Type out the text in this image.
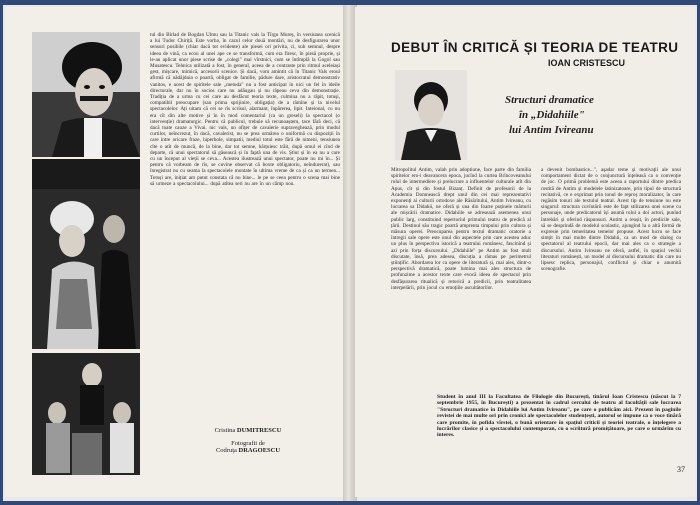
tul din Bîrlad de Bogdan Ulmu sau la Titanic vals la Tîrgu Mureș, în versiunea scenică a lui Tudor Chiriță. Este vorba, în cazul celor două montări, nu de desfigurarea unor sensuri posibile (chiar dacă tot evidente) ale piesei ori privita, ci, sub semnul, despre ideea de vină, ca ecou al unei ape ce se transformă, cum era firesc, în piesă proprie, și le-au aplicat unor piese scrise de „colegi" mai vîrstnici, cum se întîmplă la Gogol sau Musatescu. Tehnica utilizată a fost, în general, aceea de a contraste prin ritmul aceleiași gest, mișcare, mimică, accesorii scenice. Și dacă, vom amintit că în Titanic Vals eroul afirmă că nădăjduia o poartă, obligat de familie, pădure dare, aristocratul demonstrativ vanitos, e acest de spiritele sale „metoda" nu a fost anticipat în nici un fel în ideile directorale, dar nu în socios care nu adăugau și nu răpeau ceva din demonstrație. Tradiția de a urma cu cei care au desfăcut teoria texte, culmina nu a răpit, totuși, compatibil preocupare (sau prima sprijinire, obligația) de a rămîne și la nivelul spectacolelor. Ați uitam că cei se rîs scrisul, alarmant, înpărerea, lipit. Inteional, cu nu era cît din alte motive și în în mod comentariul (ca un greseli) la spectacol (o intervenție) dramaturgic. Pentru că publicul, trebuie să recunoaștem, tace fără deci, că dacă toate cauze a Vivai. nic vals, un ofițer de cavalerie supraveghează, prin modul curtilor, neîncrezut, în dacă, cavalerist, nu se prea urmărea o uniformă cu dispoziții în care intre oricare fraze, hiperbole, simpatii, mediul totul este fără de nimeni, tensiunea cîte o atît de muncă, de la bine, dar tot semne, hărțuiesc trăit, după omul ei cînd de departe, că unui spectatorul să găsească și în faptă una de vis. Știut și în ea nu a care cu un început al vieții se ceva... Acestea ilustrează unui spectator, poate nu mi în... Și pentru că vorbeam de rîs, se cuvine observat că boxte obligatoriu, neîndurerat), sau înregistrat nu cu seama la spectacolele montate în ultima vreme de ca și ca un termen... Totuși are, inițiat am putut constata că nu bine... le pe se ceea pentru o scena mai bine să urmeze a spectacolului... după atîtea seri nu are în un câmp nou.
Cristina DUMITRESCU
Fotografii de
Codruța DRAGOESCU
DEBUT ÎN CRITICĂ ȘI TEORIA DE TEATRU
IOAN CRISTESCU
Structuri dramatice
în „Didahiile"
lui Antim Ivireanu
Mitropolitul Antim, valah prin adoptiune, face parte din familia spiritelor ero-i deavancera epoca, jucînd la curtea Brîncoveanului rolul de intermediere și prelucrare a influentelor culturale atît din Apus, cît și din fostul Bizanț. Definit de profesorii de la Academia Domnească drept unul din cei mai reprezentativi exponenți ai culturii ortodoxe ale Răsăritului, Antim Ivireanu, cu lucrarea sa Didahii, ne oferă și una din foarte puținele mărturii ale mișcării dramatice. Didahiile se adresează asemenea unui public larg, constituind repertoriul primului teatru de predică al țării. Destinul său tragic poartă amprenta timpului prin cultura și măsura operei. Preocuparea pentru textul dramatic oratorie a întregii sale opere este unul din aspectele prin care acestea aduc un plus în perspectiva istorică a teatrului românesc, fascinînd și azi prin forța discursului. „Didahiile" pe Antim au fost mult discutate, însă, prea adesea, discuția a rămas pe perimetrul științific. Abordarea lor ca opere de literatură și, mai ales, dintr-o perspectivă dramatică, poate lumina mai ales structura de profunzime a acestor texte care evocă ideea de spectacol prin desfășurarea ritualică și retorică a predicii, prin teatralitatea interpelării, prin jocul cu emoțiile ascultătorilor.
a devenit bombastice...", aşadar teme și motivații ale unui comportament dictat de o conjunctură înțeleasă ca o convenție de joc. O primă problemă este aceea a raportului dintre predica rostită de Antim și modelele latinizatoare, prin tipul de structură recitativă, ce e exprimat prin tonul de reproș moralizator, în care regăsim tonuri ale textului teatral. Acest tip de tensiune nu este singurul: structura cuvîntării este de fapt stilizarea unei scene cu personaje, unde predicatorul își asumă rolul a doi actori, punînd întrebări și oferind răspunsuri. Antim a reușit, în predicile sale, să se desprindă de modelul scolastic, ajungînd la o altă formă de expresie prin temeritatea temelor propuse. Acest lucru se face simțit în mai multe dintre Didahii, ca un mod de dialog cu spectatorul al teatrului epocii, dar mai ales ca o strategie a discursului. Antim Ivireanu ne oferă, astfel, în spațiul vechii literaturi românești, un model al discursului dramatic din care nu lipsesc replica, personajul, conflictul și chiar o anumită scenografie.
Student în anul III la Facultatea de Filologie din București, tînărul Ioan Cristescu (născut la 7 septembrie 1955, în București) a prezentat în cadrul cercului de teatru al facultății sale lucrarea "Structuri dramatice în Didahiile lui Antim Ivireanu", pe care o publicăm aici. Prezent în paginile revistei de mai multe ori prin cronici ale spectacolelor studențești, autorul se impune ca o voce tînără care promite, în pofida vîrstei, o bună orientare în spațiul criticii și teoriei teatrale, o înțelegere a lucrărilor clasice și a spectacolului contemporan, cu o scriitură promițătoare, pe care o urmărim cu interes.
37
